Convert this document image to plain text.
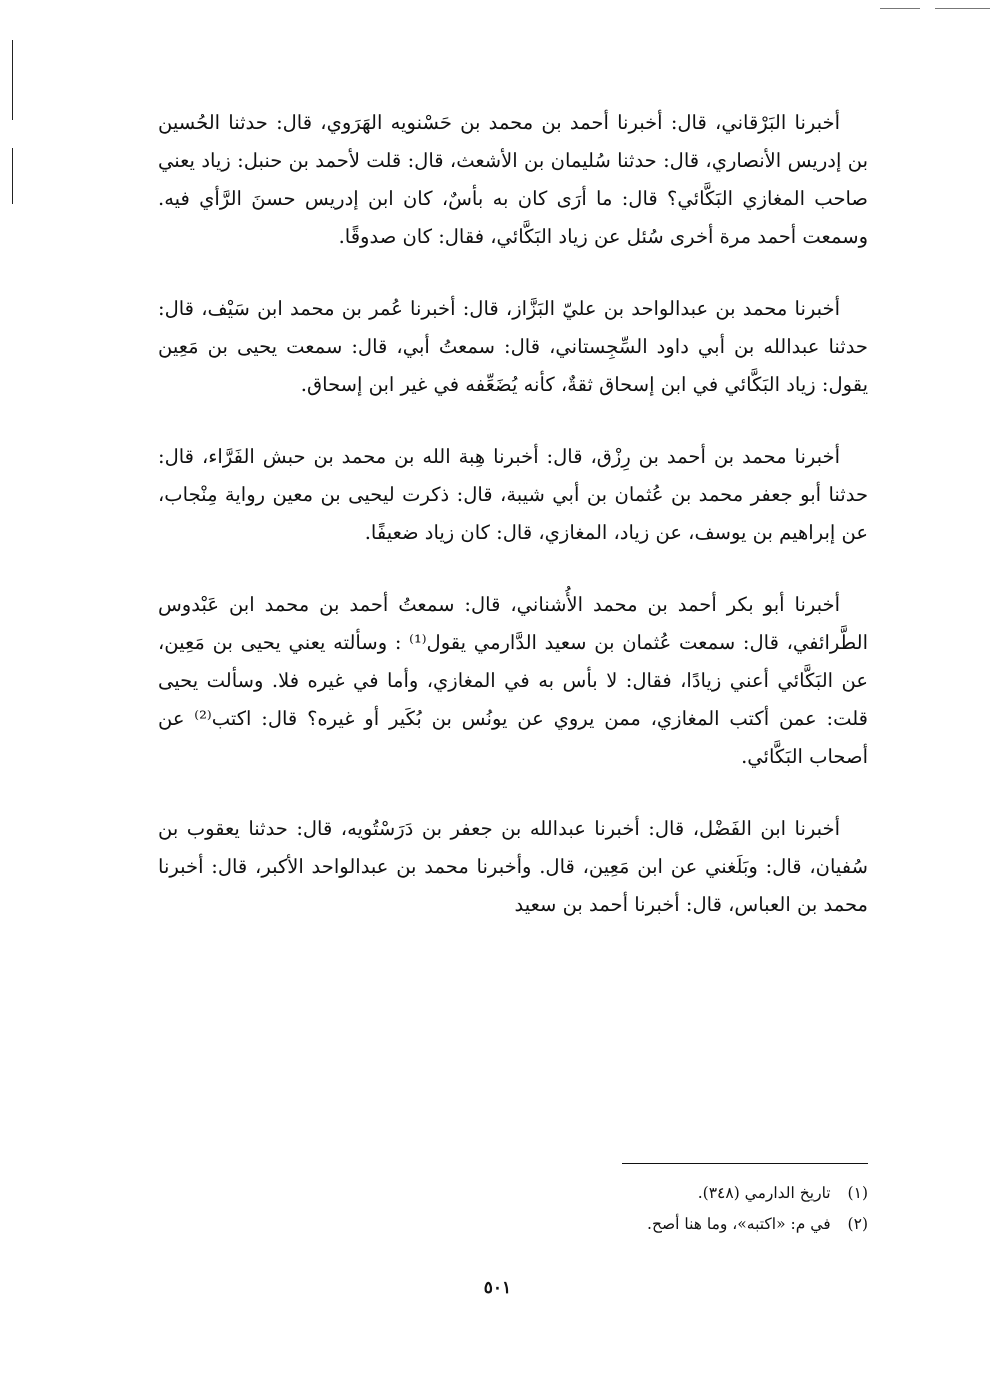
أخبرنا البَرْقاني، قال: أخبرنا أحمد بن محمد بن حَسْنويه الهَرَوي، قال: حدثنا الحُسين بن إدريس الأنصاري، قال: حدثنا سُليمان بن الأشعث، قال: قلت لأحمد بن حنبل: زياد يعني صاحب المغازي البَكَّائي؟ قال: ما أرَى كان به بأسٌ، كان ابن إدريس حسنَ الرَّأي فيه. وسمعت أحمد مرة أخرى سُئل عن زياد البَكَّائي، فقال: كان صدوقًا.

أخبرنا محمد بن عبدالواحد بن عليّ البَزَّاز، قال: أخبرنا عُمر بن محمد ابن سَيْف، قال: حدثنا عبدالله بن أبي داود السِّجِستاني، قال: سمعتُ أبي، قال: سمعت يحيى بن مَعِين يقول: زياد البَكَّائي في ابن إسحاق ثقةٌ، كأنه يُضَعِّفه في غير ابن إسحاق.

أخبرنا محمد بن أحمد بن رِزْق، قال: أخبرنا هِبة الله بن محمد بن حبش الفَرَّاء، قال: حدثنا أبو جعفر محمد بن عُثمان بن أبي شيبة، قال: ذكرت ليحيى بن معين رواية مِنْجاب، عن إبراهيم بن يوسف، عن زياد، المغازي، قال: كان زياد ضعيفًا.

أخبرنا أبو بكر أحمد بن محمد الأُشناني، قال: سمعتُ أحمد بن محمد ابن عَبْدوس الطَّرائفي، قال: سمعت عُثمان بن سعيد الدَّارمي يقول⁽¹⁾ : وسألته يعني يحيى بن مَعِين، عن البَكَّائي أعني زيادًا، فقال: لا بأس به في المغازي، وأما في غيره فلا. وسألت يحيى قلت: عمن أكتب المغازي، ممن يروي عن يونُس بن بُكَير أو غيره؟ قال: اكتب⁽²⁾ عن أصحاب البَكَّائي.

أخبرنا ابن الفَضْل، قال: أخبرنا عبدالله بن جعفر بن دَرَسْتُويه، قال: حدثنا يعقوب بن سُفيان، قال: وبَلَغني عن ابن مَعِين، قال. وأخبرنا محمد بن عبدالواحد الأكبر، قال: أخبرنا محمد بن العباس، قال: أخبرنا أحمد بن سعيد

(١) تاريخ الدارمي (٣٤٨).

(٢) في م: «اكتبه»، وما هنا أصح.

٥٠١
